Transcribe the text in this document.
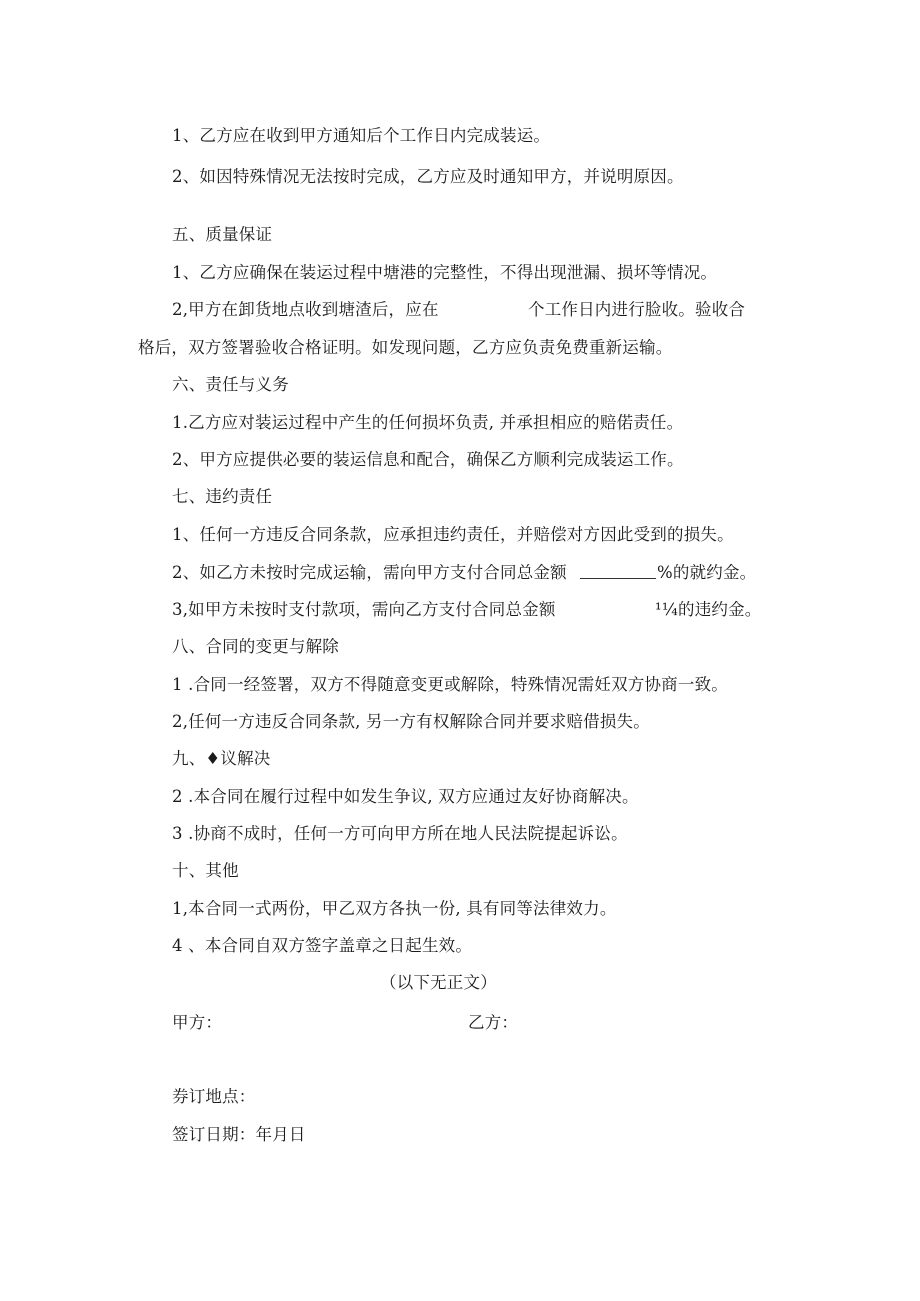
1、乙方应在收到甲方通知后个工作日内完成装运。
2、如因特殊情况无法按时完成，乙方应及时通知甲方，并说明原因。
五、质量保证
1、乙方应确保在装运过程中塘港的完整性，不得出现泄漏、损坏等情况。
2,甲方在卸货地点收到塘渣后，应在	个工作日内进行脸收。验收合
格后，双方签署验收合格证明。如发现问题，乙方应负责免费重新运输。
六、责任与义务
1.乙方应对装运过程中产生的任何损坏负责, 并承担相应的赔偌责任。
2、甲方应提供必要的装运信息和配合，确保乙方顺利完成装运工作。
七、违约责任
1、任何一方违反合同条款，应承担违约责任，并赔偿对方因此受到的损失。
2、如乙方未按时完成运输，需向甲方支付合同总金额	%的就约金。
3,如甲方未按时支付款项，需向乙方支付合同总金额	¹¼的违约金。
八、合同的变更与解除
1 .合同一经签署，双方不得随意变更或解除，特殊情况需妊双方协商一致。
2,任何一方违反合同条款, 另一方有权解除合同并要求赔借损失。
九、♦议解决
2 .本合同在履行过程中如发生争议, 双方应通过友好协商解决。
3 .协商不成时，任何一方可向甲方所在地人民法院提起诉讼。
十、其他
1,本合同一式两份，甲乙双方各执一份, 具有同等法律效力。
4 、本合同自双方签字盖章之日起生效。
（以下无正文）
甲方：	乙方：
券订地点：
签订日期：年月日
